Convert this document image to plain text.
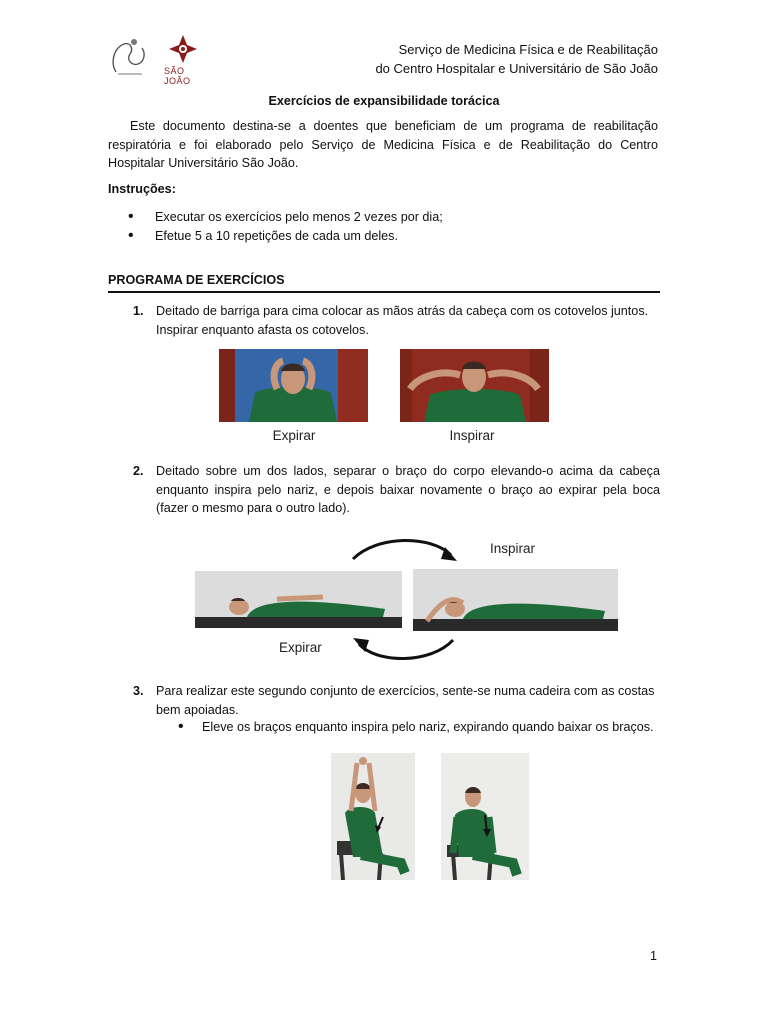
SÃO JOÃO
Serviço de Medicina Física e de Reabilitação
do Centro Hospitalar e Universitário de São João
Exercícios de expansibilidade torácica
Este documento destina-se a doentes que beneficiam de um programa de reabilitação respiratória e foi elaborado pelo Serviço de Medicina Física e de Reabilitação do Centro Hospitalar Universitário São João.
Instruções:
• Executar os exercícios pelo menos 2 vezes por dia;
• Efetue 5 a 10 repetições de cada um deles.
PROGRAMA DE EXERCÍCIOS
1. Deitado de barriga para cima colocar as mãos atrás da cabeça com os cotovelos juntos. Inspirar enquanto afasta os cotovelos.
Expirar	Inspirar
2. Deitado sobre um dos lados, separar o braço do corpo elevando-o acima da cabeça enquanto inspira pelo nariz, e depois baixar novamente o braço ao expirar pela boca (fazer o mesmo para o outro lado).
Inspirar
Expirar
3. Para realizar este segundo conjunto de exercícios, sente-se numa cadeira com as costas bem apoiadas.
• Eleve os braços enquanto inspira pelo nariz, expirando quando baixar os braços.
1
